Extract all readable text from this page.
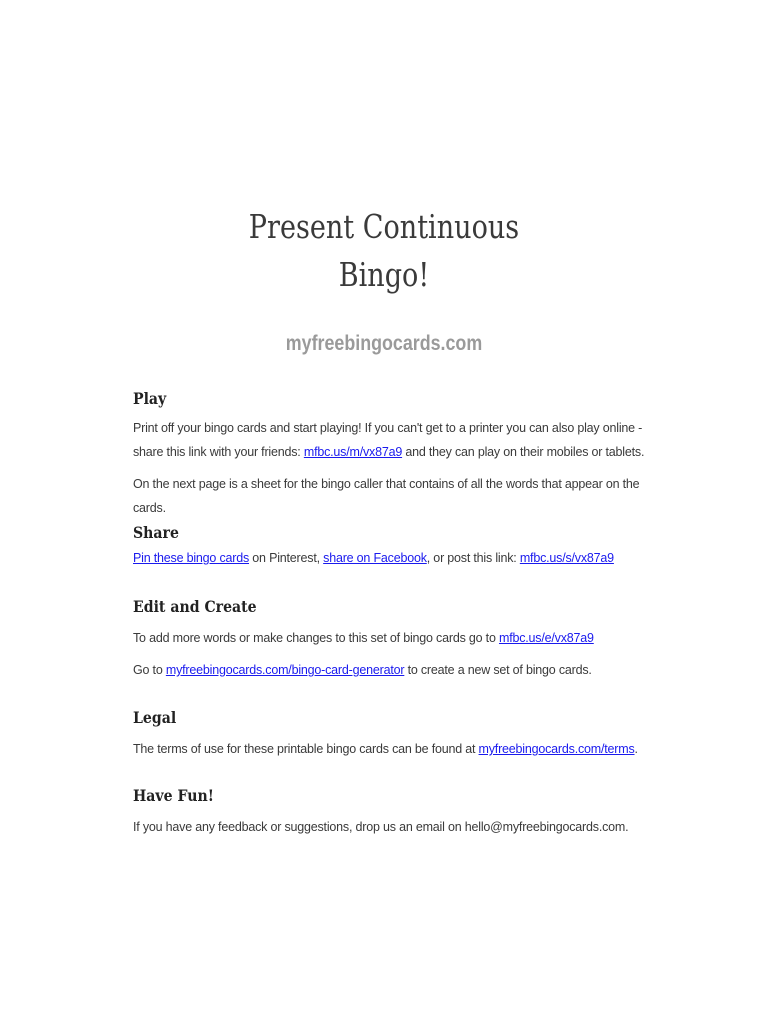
Present Continuous
Bingo!
myfreebingocards.com
Play

Print off your bingo cards and start playing! If you can't get to a printer you can also play online - share this link with your friends: mfbc.us/m/vx87a9 and they can play on their mobiles or tablets.

On the next page is a sheet for the bingo caller that contains of all the words that appear on the cards.

Share

Pin these bingo cards on Pinterest, share on Facebook, or post this link: mfbc.us/s/vx87a9

Edit and Create

To add more words or make changes to this set of bingo cards go to mfbc.us/e/vx87a9

Go to myfreebingocards.com/bingo-card-generator to create a new set of bingo cards.

Legal

The terms of use for these printable bingo cards can be found at myfreebingocards.com/terms.

Have Fun!

If you have any feedback or suggestions, drop us an email on hello@myfreebingocards.com.
